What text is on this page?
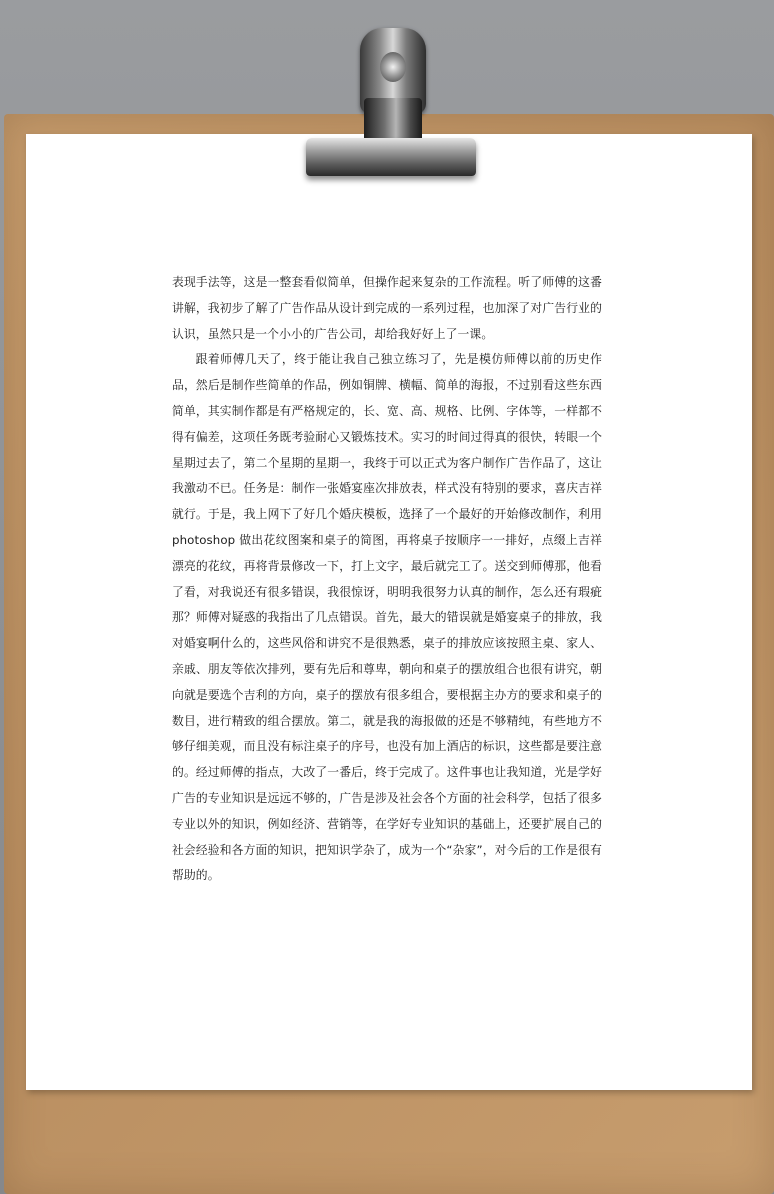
表现手法等，这是一整套看似简单，但操作起来复杂的工作流程。听了师傅的这番讲解，我初步了解了广告作品从设计到完成的一系列过程，也加深了对广告行业的认识，虽然只是一个小小的广告公司，却给我好好上了一课。

跟着师傅几天了，终于能让我自己独立练习了，先是模仿师傅以前的历史作品，然后是制作些简单的作品，例如铜牌、横幅、简单的海报，不过别看这些东西简单，其实制作都是有严格规定的，长、宽、高、规格、比例、字体等，一样都不得有偏差，这项任务既考验耐心又锻炼技术。实习的时间过得真的很快，转眼一个星期过去了，第二个星期的星期一，我终于可以正式为客户制作广告作品了，这让我激动不已。任务是：制作一张婚宴座次排放表，样式没有特别的要求，喜庆吉祥就行。于是，我上网下了好几个婚庆模板，选择了一个最好的开始修改制作，利用 photoshop 做出花纹图案和桌子的简图，再将桌子按顺序一一排好，点缀上吉祥漂亮的花纹，再将背景修改一下，打上文字，最后就完工了。送交到师傅那，他看了看，对我说还有很多错误，我很惊讶，明明我很努力认真的制作，怎么还有瑕疵那？师傅对疑惑的我指出了几点错误。首先，最大的错误就是婚宴桌子的排放，我对婚宴啊什么的，这些风俗和讲究不是很熟悉，桌子的排放应该按照主桌、家人、亲戚、朋友等依次排列，要有先后和尊卑，朝向和桌子的摆放组合也很有讲究，朝向就是要选个吉利的方向，桌子的摆放有很多组合，要根据主办方的要求和桌子的数目，进行精致的组合摆放。第二，就是我的海报做的还是不够精纯，有些地方不够仔细美观，而且没有标注桌子的序号，也没有加上酒店的标识，这些都是要注意的。经过师傅的指点，大改了一番后，终于完成了。这件事也让我知道，光是学好广告的专业知识是远远不够的，广告是涉及社会各个方面的社会科学，包括了很多专业以外的知识，例如经济、营销等，在学好专业知识的基础上，还要扩展自己的社会经验和各方面的知识，把知识学杂了，成为一个“杂家”，对今后的工作是很有帮助的。
